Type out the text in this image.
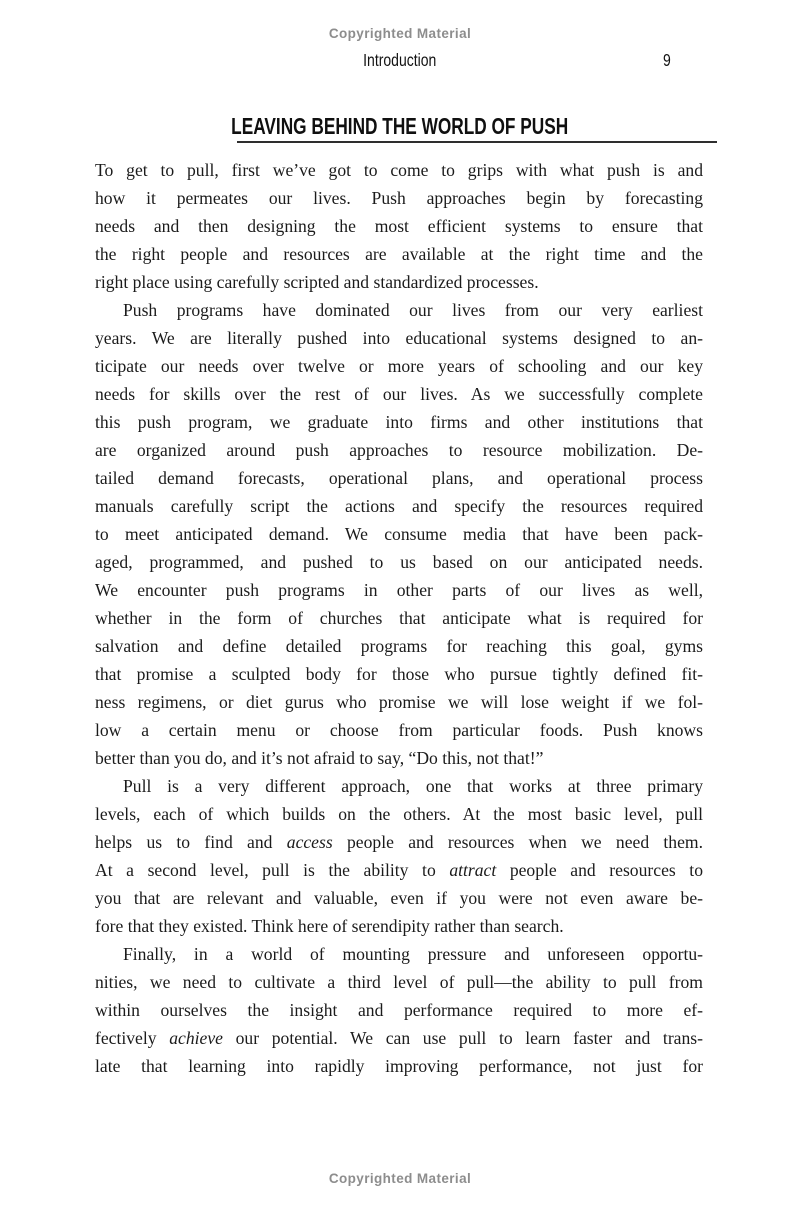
Copyrighted Material
Introduction	9
LEAVING BEHIND THE WORLD OF PUSH
To get to pull, first we’ve got to come to grips with what push is and
how it permeates our lives. Push approaches begin by forecasting
needs and then designing the most efficient systems to ensure that
the right people and resources are available at the right time and the
right place using carefully scripted and standardized processes.
Push programs have dominated our lives from our very earliest
years. We are literally pushed into educational systems designed to an-
ticipate our needs over twelve or more years of schooling and our key
needs for skills over the rest of our lives. As we successfully complete
this push program, we graduate into firms and other institutions that
are organized around push approaches to resource mobilization. De-
tailed demand forecasts, operational plans, and operational process
manuals carefully script the actions and specify the resources required
to meet anticipated demand. We consume media that have been pack-
aged, programmed, and pushed to us based on our anticipated needs.
We encounter push programs in other parts of our lives as well,
whether in the form of churches that anticipate what is required for
salvation and define detailed programs for reaching this goal, gyms
that promise a sculpted body for those who pursue tightly defined fit-
ness regimens, or diet gurus who promise we will lose weight if we fol-
low a certain menu or choose from particular foods. Push knows
better than you do, and it’s not afraid to say, “Do this, not that!”
Pull is a very different approach, one that works at three primary
levels, each of which builds on the others. At the most basic level, pull
helps us to find and access people and resources when we need them.
At a second level, pull is the ability to attract people and resources to
you that are relevant and valuable, even if you were not even aware be-
fore that they existed. Think here of serendipity rather than search.
Finally, in a world of mounting pressure and unforeseen opportu-
nities, we need to cultivate a third level of pull—the ability to pull from
within ourselves the insight and performance required to more ef-
fectively achieve our potential. We can use pull to learn faster and trans-
late that learning into rapidly improving performance, not just for
Copyrighted Material
